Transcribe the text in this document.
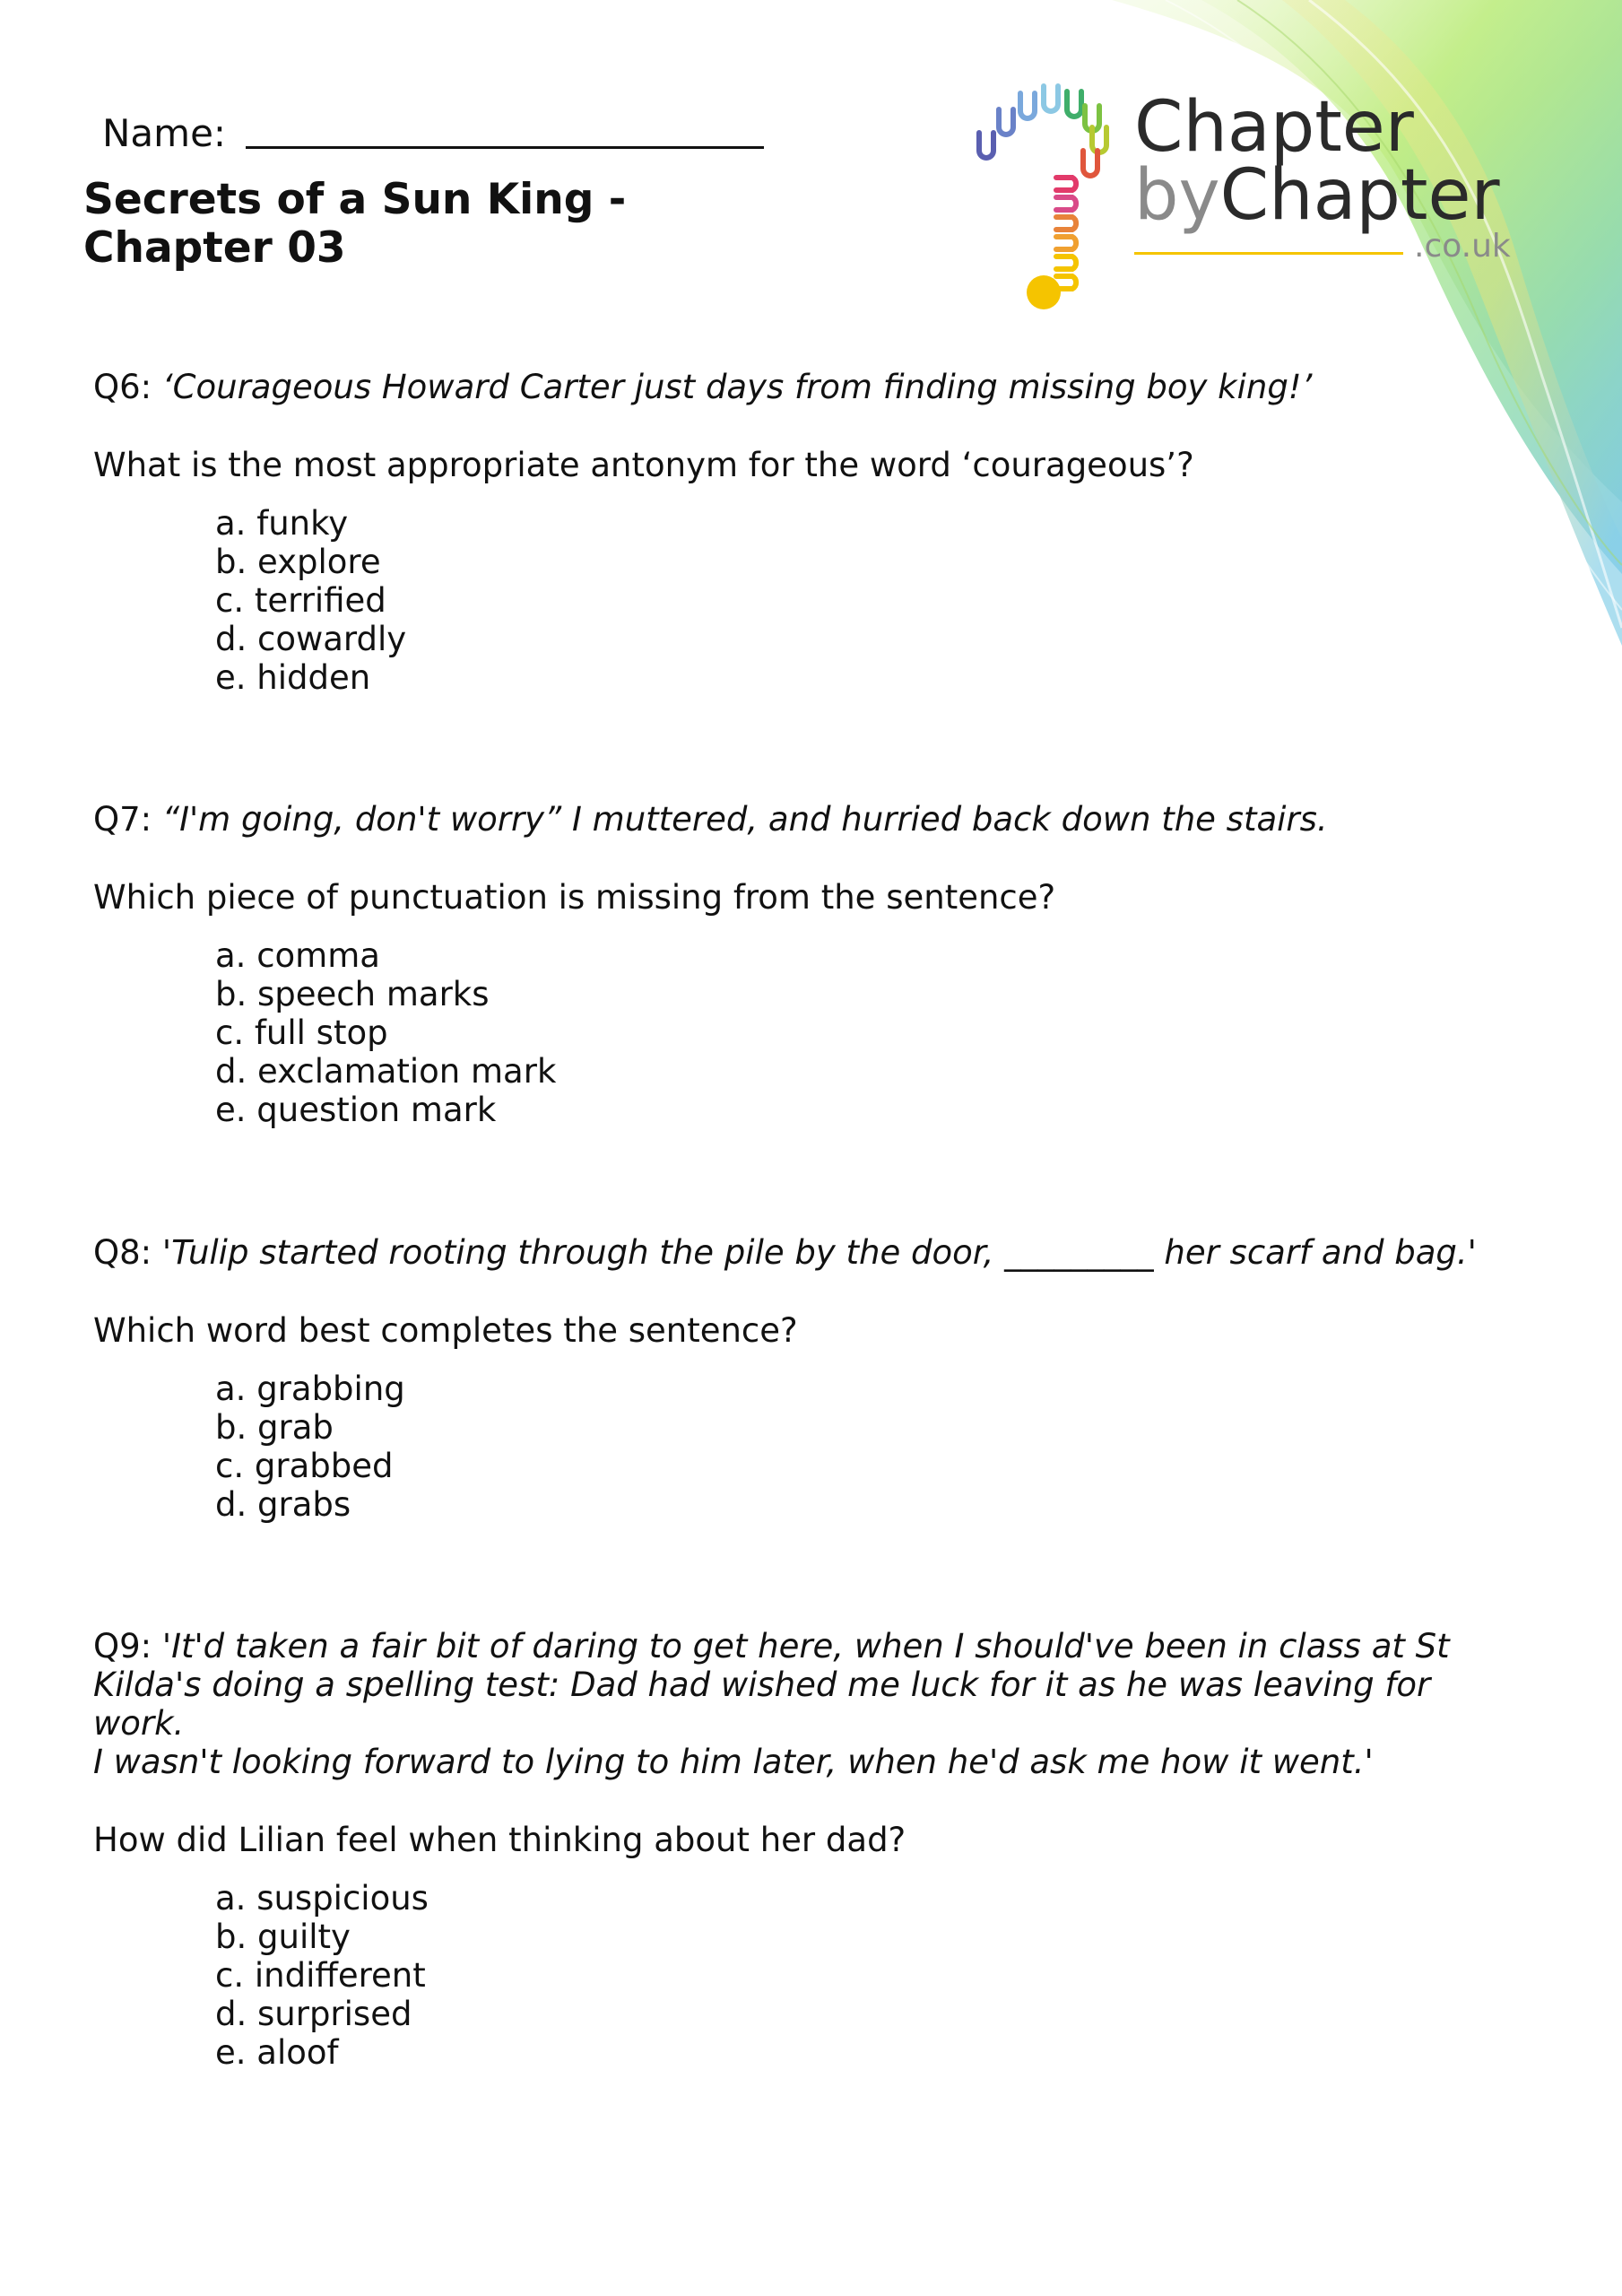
Name:
Secrets of a Sun King -
Chapter 03
Chapter
byChapter
.co.uk
Q6: ‘Courageous Howard Carter just days from finding missing boy king!’
What is the most appropriate antonym for the word ‘courageous’?
a. funky
b. explore
c. terrified
d. cowardly
e. hidden
Q7: “I'm going, don't worry” I muttered, and hurried back down the stairs.
Which piece of punctuation is missing from the sentence?
a. comma
b. speech marks
c. full stop
d. exclamation mark
e. question mark
Q8: 'Tulip started rooting through the pile by the door, _________ her scarf and bag.'
Which word best completes the sentence?
a. grabbing
b. grab
c. grabbed
d. grabs
Q9: 'It'd taken a fair bit of daring to get here, when I should've been in class at St
Kilda's doing a spelling test: Dad had wished me luck for it as he was leaving for work.
I wasn't looking forward to lying to him later, when he'd ask me how it went.'
How did Lilian feel when thinking about her dad?
a. suspicious
b. guilty
c. indifferent
d. surprised
e. aloof
